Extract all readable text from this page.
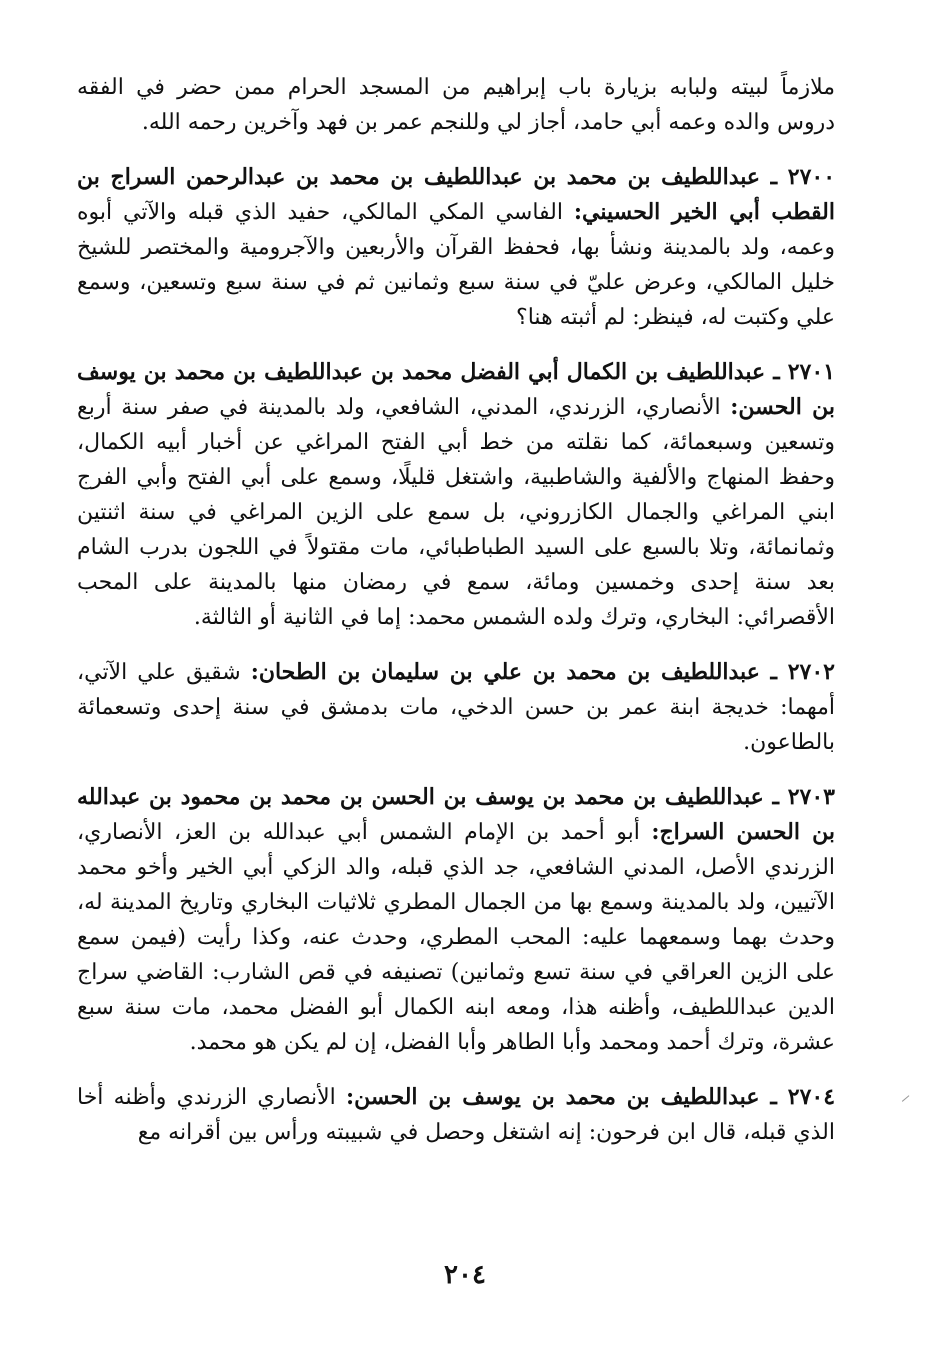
ملازماً لبيته ولبابه بزيارة باب إبراهيم من المسجد الحرام ممن حضر في الفقه دروس والده وعمه أبي حامد، أجاز لي وللنجم عمر بن فهد وآخرين رحمه الله.

٢٧٠٠ ـ عبداللطيف بن محمد بن عبداللطيف بن محمد بن عبدالرحمن السراج بن القطب أبي الخير الحسيني: الفاسي المكي المالكي، حفيد الذي قبله والآتي أبوه وعمه، ولد بالمدينة ونشأ بها، فحفظ القرآن والأربعين والآجرومية والمختصر للشيخ خليل المالكي، وعرض عليّ في سنة سبع وثمانين ثم في سنة سبع وتسعين، وسمع علي وكتبت له، فينظر: لم أثبته هنا؟

٢٧٠١ ـ عبداللطيف بن الكمال أبي الفضل محمد بن عبداللطيف بن محمد بن يوسف بن الحسن: الأنصاري، الزرندي، المدني، الشافعي، ولد بالمدينة في صفر سنة أربع وتسعين وسبعمائة، كما نقلته من خط أبي الفتح المراغي عن أخبار أبيه الكمال، وحفظ المنهاج والألفية والشاطبية، واشتغل قليلًا، وسمع على أبي الفتح وأبي الفرج ابني المراغي والجمال الكازروني، بل سمع على الزين المراغي في سنة اثنتين وثمانمائة، وتلا بالسبع على السيد الطباطبائي، مات مقتولاً في اللجون بدرب الشام بعد سنة إحدى وخمسين ومائة، سمع في رمضان منها بالمدينة على المحب الأقصرائي: البخاري، وترك ولده الشمس محمد: إما في الثانية أو الثالثة.

٢٧٠٢ ـ عبداللطيف بن محمد بن علي بن سليمان بن الطحان: شقيق علي الآتي، أمهما: خديجة ابنة عمر بن حسن الدخي، مات بدمشق في سنة إحدى وتسعمائة بالطاعون.

٢٧٠٣ ـ عبداللطيف بن محمد بن يوسف بن الحسن بن محمد بن محمود بن عبدالله بن الحسن السراج: أبو أحمد بن الإمام الشمس أبي عبدالله بن العز، الأنصاري، الزرندي الأصل، المدني الشافعي، جد الذي قبله، والد الزكي أبي الخير وأخو محمد الآتيين، ولد بالمدينة وسمع بها من الجمال المطري ثلاثيات البخاري وتاريخ المدينة له، وحدث بهما وسمعهما عليه: المحب المطري، وحدث عنه، وكذا رأيت (فيمن سمع على الزين العراقي في سنة تسع وثمانين) تصنيفه في قص الشارب: القاضي سراج الدين عبداللطيف، وأظنه هذا، ومعه ابنه الكمال أبو الفضل محمد، مات سنة سبع عشرة، وترك أحمد ومحمد وأبا الطاهر وأبا الفضل، إن لم يكن هو محمد.

٢٧٠٤ ـ عبداللطيف بن محمد بن يوسف بن الحسن: الأنصاري الزرندي وأظنه أخا الذي قبله، قال ابن فرحون: إنه اشتغل وحصل في شبيبته ورأس بين أقرانه مع

٢٠٤
